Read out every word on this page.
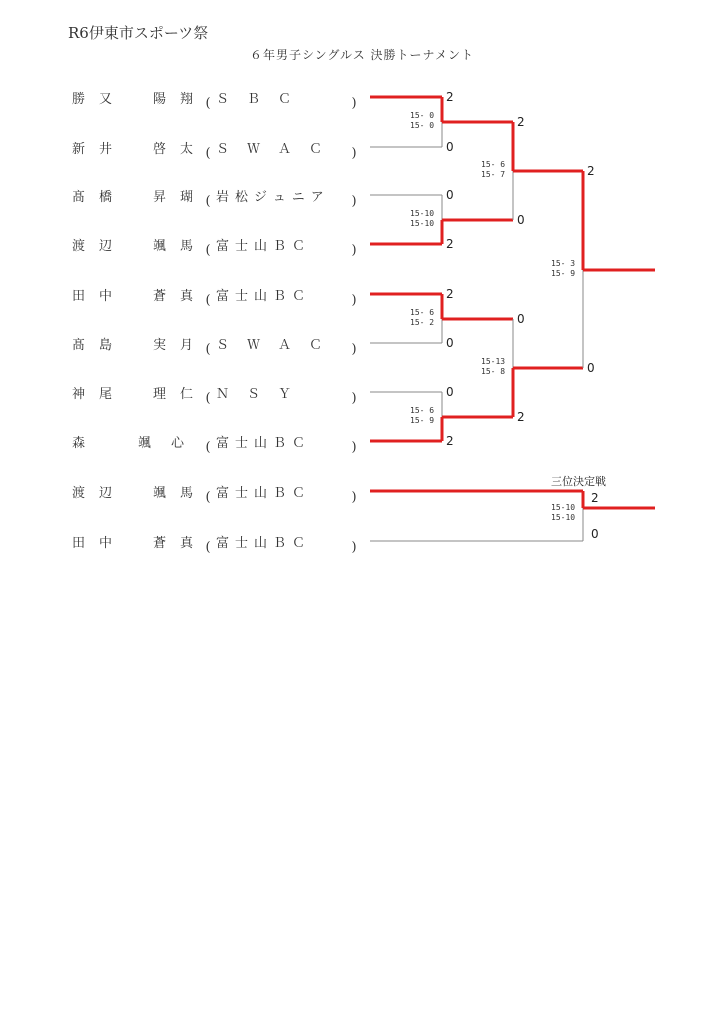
R6伊東市スポーツ祭
６年男子シングルス 決勝トーナメント
勝又　陽翔
( ＳＢＣ	)
新井　啓太
( ＳＷＡＣ )
髙橋　昇瑚
( 岩松ジュニア )
渡辺　颯馬
( 富士山ＢＣ	)
田中　蒼真
( 富士山ＢＣ	)
髙島　実月
( ＳＷＡＣ )
神尾　理仁
( ＮＳＹ	)
森　颯心 ( 富士山ＢＣ	)
渡辺　颯馬
( 富士山ＢＣ	)
田中　蒼真
( 富士山ＢＣ	)
2
0
15- 0
15- 0
0
2
15-10
15-10
2
0
15- 6
15- 2
0
2
15- 6
15- 9
2
0
15- 6
15- 7
0
2
15-13
15- 8
2
0
15- 3
15- 9
三位決定戦
2
0
15-10
15-10
